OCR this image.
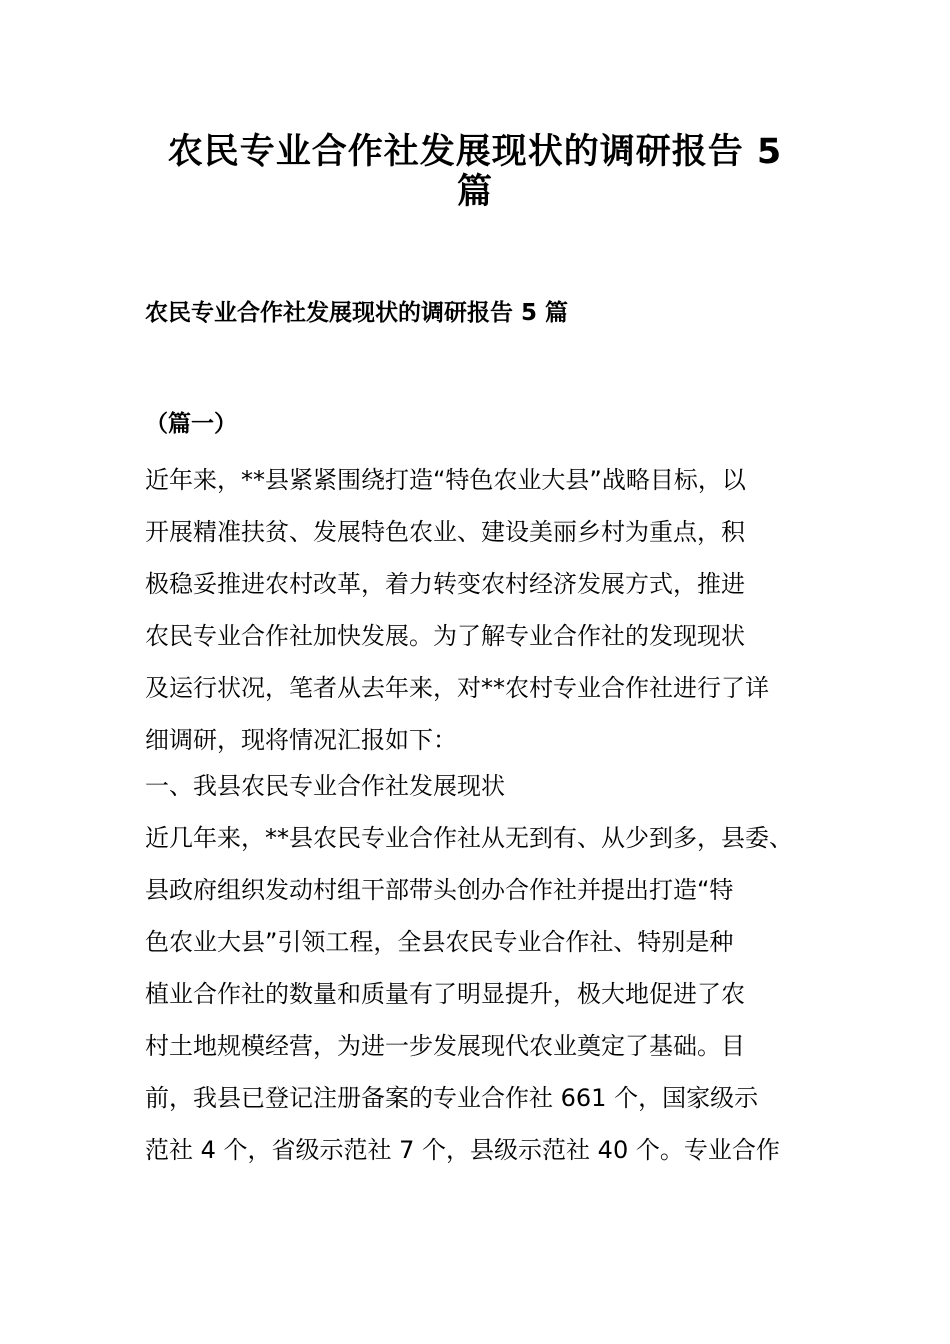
农民专业合作社发展现状的调研报告 5
篇
农民专业合作社发展现状的调研报告 5 篇
（篇一）
近年来，**县紧紧围绕打造“特色农业大县”战略目标，以
开展精准扶贫、发展特色农业、建设美丽乡村为重点，积
极稳妥推进农村改革，着力转变农村经济发展方式，推进
农民专业合作社加快发展。为了解专业合作社的发现现状
及运行状况，笔者从去年来，对**农村专业合作社进行了详
细调研，现将情况汇报如下：
一、我县农民专业合作社发展现状
近几年来，**县农民专业合作社从无到有、从少到多，县委、
县政府组织发动村组干部带头创办合作社并提出打造“特
色农业大县”引领工程，全县农民专业合作社、特别是种
植业合作社的数量和质量有了明显提升，极大地促进了农
村土地规模经营，为进一步发展现代农业奠定了基础。目
前，我县已登记注册备案的专业合作社 661 个，国家级示
范社 4 个，省级示范社 7 个，县级示范社 40 个。专业合作
